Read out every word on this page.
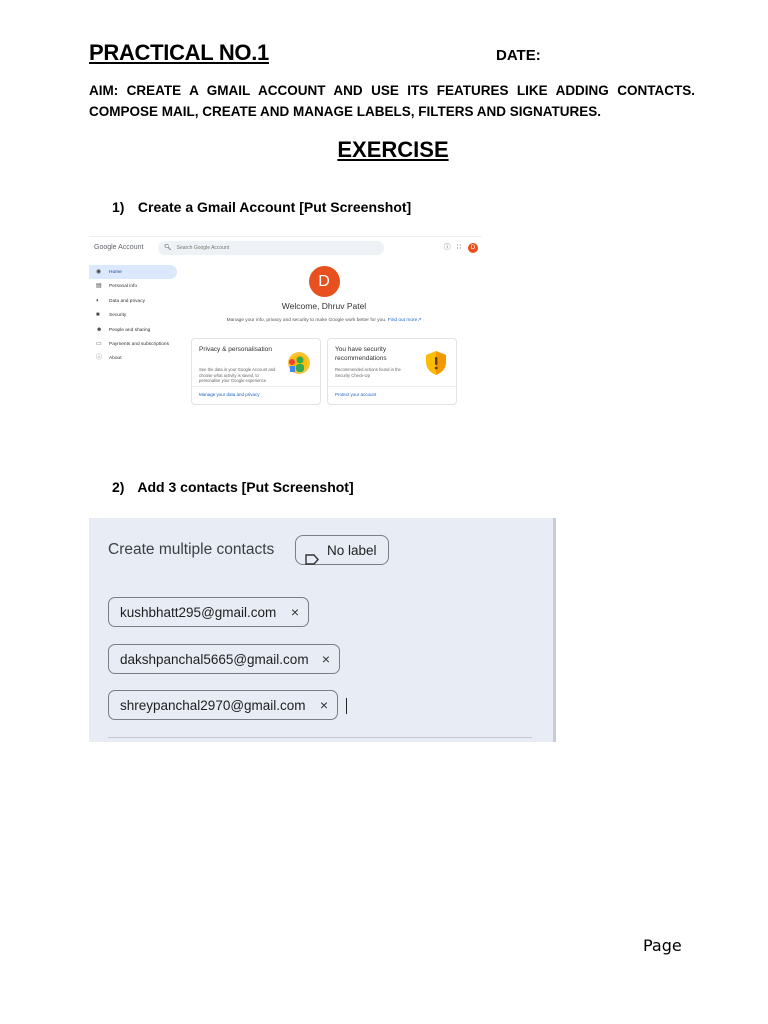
PRACTICAL NO.1	DATE:
AIM: CREATE A GMAIL ACCOUNT AND USE ITS FEATURES LIKE ADDING CONTACTS. COMPOSE MAIL, CREATE AND MANAGE LABELS, FILTERS AND SIGNATURES.
EXERCISE
1) Create a Gmail Account [Put Screenshot]
Google Account	🔍︎ Search Google Account	ⓘ ∷ D
◉ Home
▤ Personal info
◐ Data and privacy
■ Security
☻ People and sharing
▭ Payments and subscriptions
ⓘ About
D
Welcome, Dhruv Patel
Manage your info, privacy and security to make Google work better for you. Find out more↗
Privacy & personalisation
See the data in your Google Account and choose what activity is saved, to personalise your Google experience
Manage your data and privacy
You have security recommendations
Recommended actions found in the Security Check-Up
Protect your account
2) Add 3 contacts [Put Screenshot]
Create multiple contacts	No label
kushbhatt295@gmail.com ×
dakshpanchal5665@gmail.com ×
shreypanchal2970@gmail.com ×
Page
